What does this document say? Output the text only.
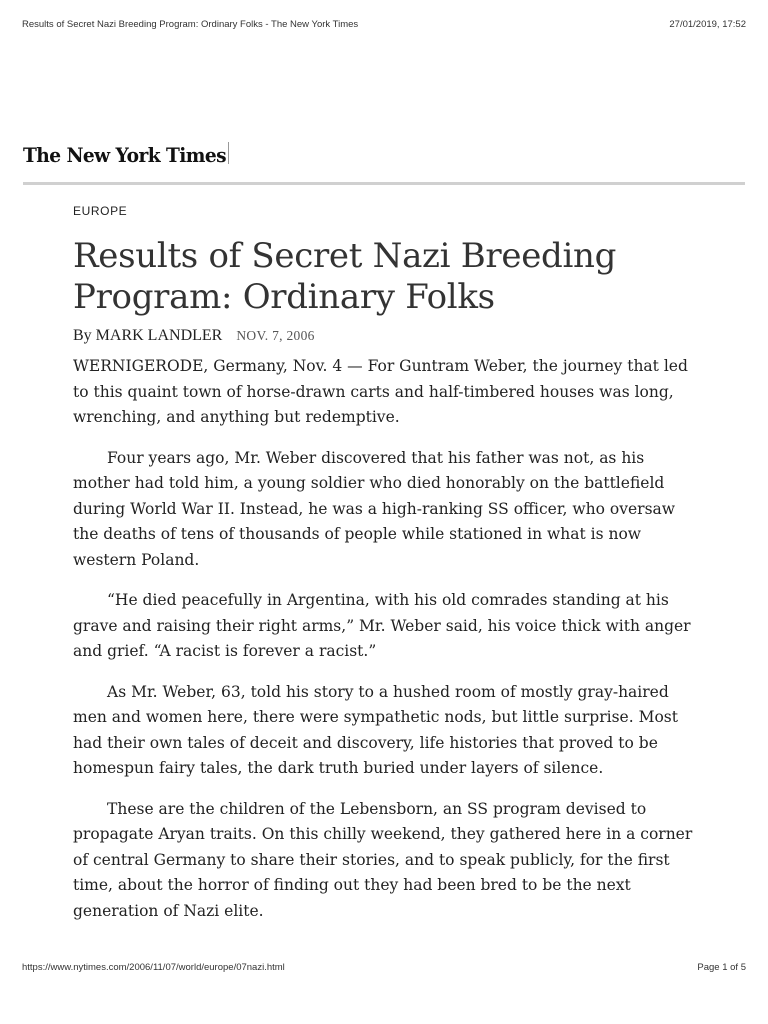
Results of Secret Nazi Breeding Program: Ordinary Folks - The New York Times	27/01/2019, 17:52
The New York Times
EUROPE
Results of Secret Nazi Breeding Program: Ordinary Folks
By MARK LANDLER NOV. 7, 2006

WERNIGERODE, Germany, Nov. 4 — For Guntram Weber, the journey that led to this quaint town of horse-drawn carts and half-timbered houses was long, wrenching, and anything but redemptive.

Four years ago, Mr. Weber discovered that his father was not, as his mother had told him, a young soldier who died honorably on the battlefield during World War II. Instead, he was a high-ranking SS officer, who oversaw the deaths of tens of thousands of people while stationed in what is now western Poland.

“He died peacefully in Argentina, with his old comrades standing at his grave and raising their right arms,” Mr. Weber said, his voice thick with anger and grief. “A racist is forever a racist.”

As Mr. Weber, 63, told his story to a hushed room of mostly gray-haired men and women here, there were sympathetic nods, but little surprise. Most had their own tales of deceit and discovery, life histories that proved to be homespun fairy tales, the dark truth buried under layers of silence.

These are the children of the Lebensborn, an SS program devised to propagate Aryan traits. On this chilly weekend, they gathered here in a corner of central Germany to share their stories, and to speak publicly, for the first time, about the horror of finding out they had been bred to be the next generation of Nazi elite.

https://www.nytimes.com/2006/11/07/world/europe/07nazi.html	Page 1 of 5
